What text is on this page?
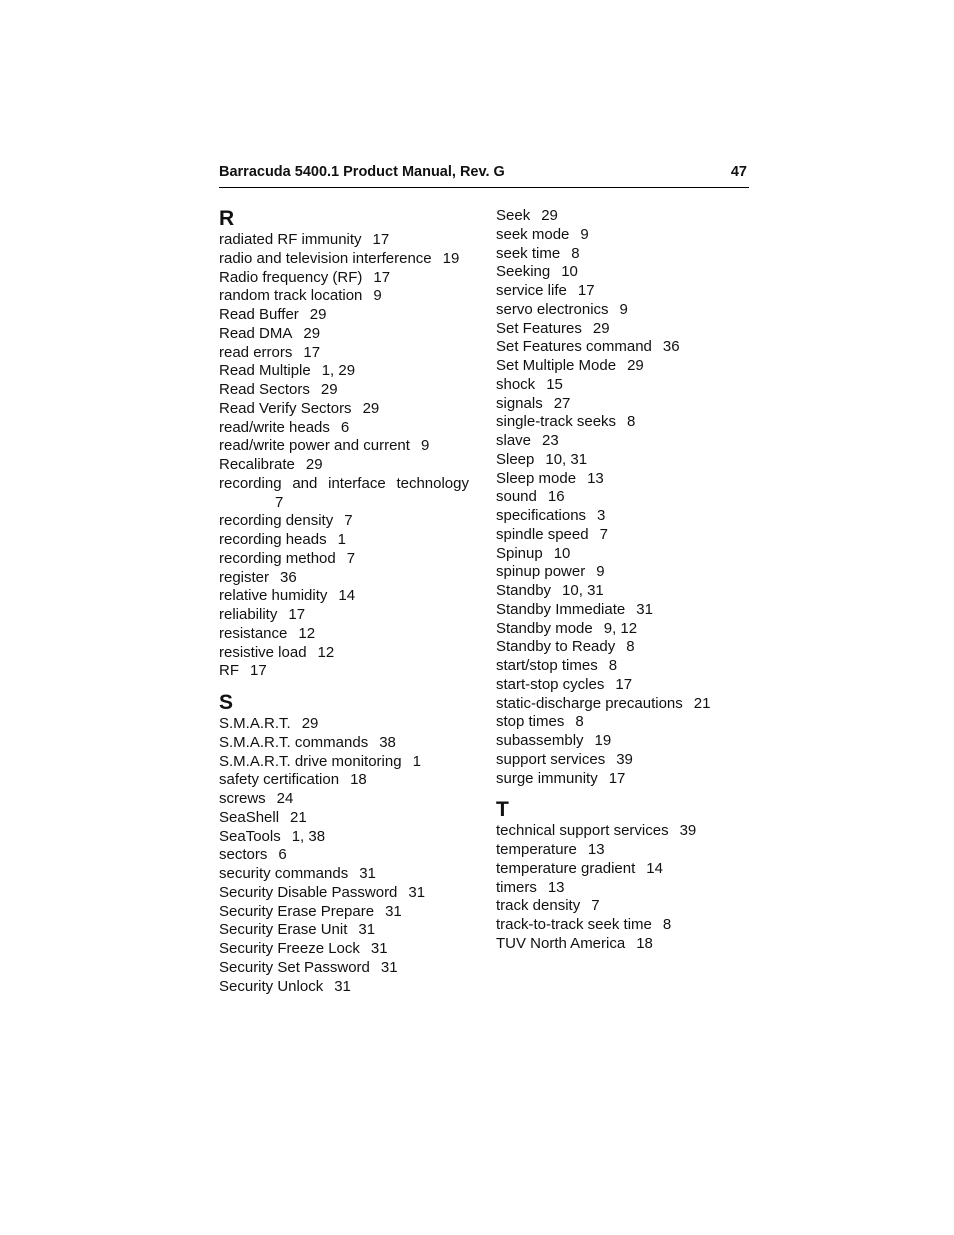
Barracuda 5400.1 Product Manual, Rev. G	47
R
radiated RF immunity 17
radio and television interference 19
Radio frequency (RF) 17
random track location 9
Read Buffer 29
Read DMA 29
read errors 17
Read Multiple 1, 29
Read Sectors 29
Read Verify Sectors 29
read/write heads 6
read/write power and current 9
Recalibrate 29
recording and interface technology
7
recording density 7
recording heads 1
recording method 7
register 36
relative humidity 14
reliability 17
resistance 12
resistive load 12
RF 17
S
S.M.A.R.T. 29
S.M.A.R.T. commands 38
S.M.A.R.T. drive monitoring 1
safety certification 18
screws 24
SeaShell 21
SeaTools 1, 38
sectors 6
security commands 31
Security Disable Password 31
Security Erase Prepare 31
Security Erase Unit 31
Security Freeze Lock 31
Security Set Password 31
Security Unlock 31
Seek 29
seek mode 9
seek time 8
Seeking 10
service life 17
servo electronics 9
Set Features 29
Set Features command 36
Set Multiple Mode 29
shock 15
signals 27
single-track seeks 8
slave 23
Sleep 10, 31
Sleep mode 13
sound 16
specifications 3
spindle speed 7
Spinup 10
spinup power 9
Standby 10, 31
Standby Immediate 31
Standby mode 9, 12
Standby to Ready 8
start/stop times 8
start-stop cycles 17
static-discharge precautions 21
stop times 8
subassembly 19
support services 39
surge immunity 17
T
technical support services 39
temperature 13
temperature gradient 14
timers 13
track density 7
track-to-track seek time 8
TUV North America 18
